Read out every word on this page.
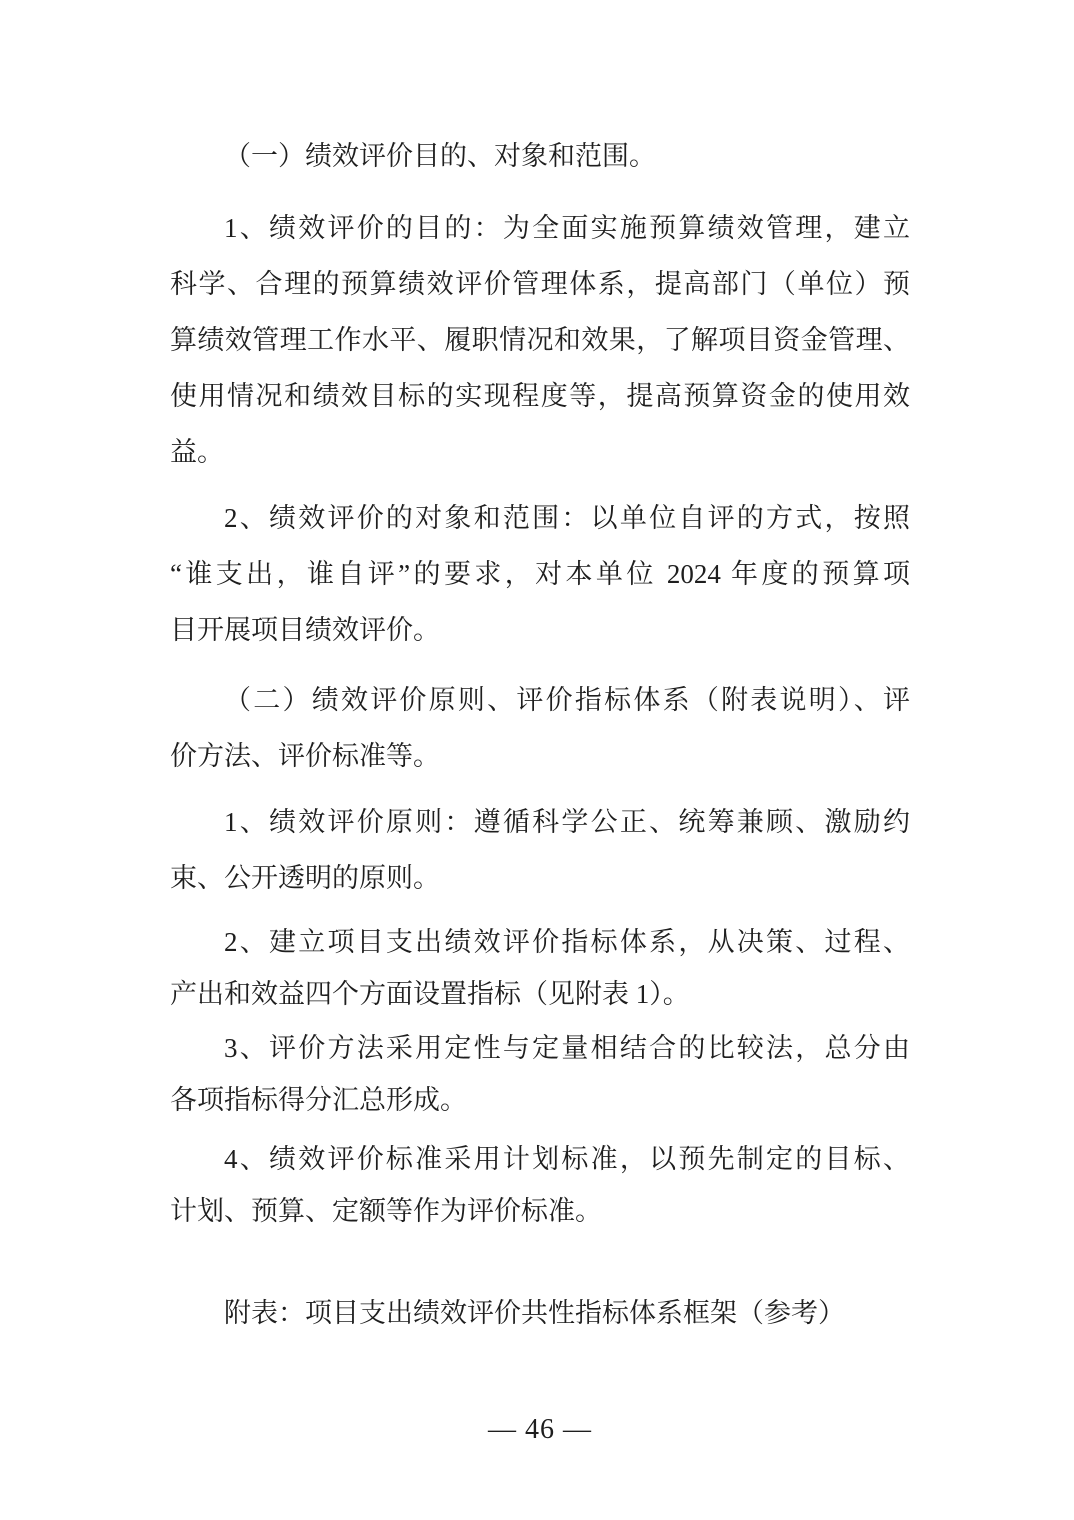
（一）绩效评价目的、对象和范围。

1、绩效评价的目的：为全面实施预算绩效管理，建立
科学、合理的预算绩效评价管理体系，提高部门（单位）预
算绩效管理工作水平、履职情况和效果，了解项目资金管理、
使用情况和绩效目标的实现程度等，提高预算资金的使用效
益。

2、绩效评价的对象和范围：以单位自评的方式，按照
“谁支出，谁自评”的要求，对本单位 2024 年度的预算项
目开展项目绩效评价。

（二）绩效评价原则、评价指标体系（附表说明）、评
价方法、评价标准等。

1、绩效评价原则：遵循科学公正、统筹兼顾、激励约
束、公开透明的原则。

2、建立项目支出绩效评价指标体系，从决策、过程、
产出和效益四个方面设置指标（见附表 1）。

3、评价方法采用定性与定量相结合的比较法，总分由
各项指标得分汇总形成。

4、绩效评价标准采用计划标准，以预先制定的目标、
计划、预算、定额等作为评价标准。

附表：项目支出绩效评价共性指标体系框架（参考）

— 46 —
